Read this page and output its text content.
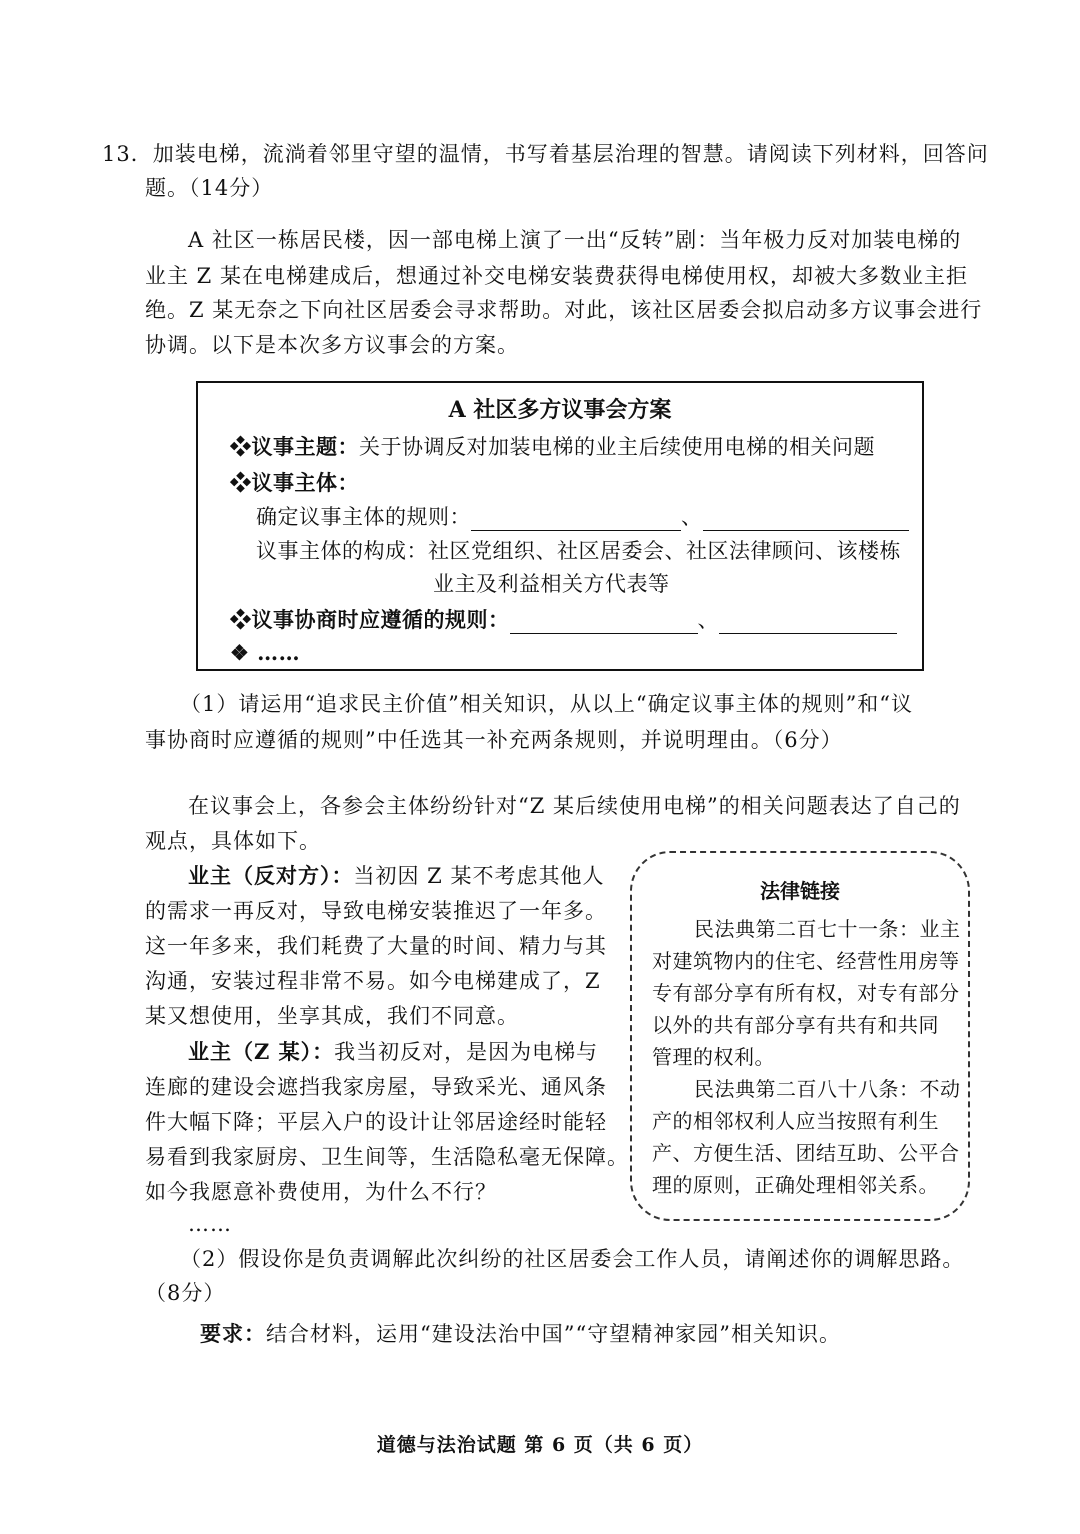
13．加装电梯，流淌着邻里守望的温情，书写着基层治理的智慧。请阅读下列材料，回答问
题。（14分）
A 社区一栋居民楼，因一部电梯上演了一出“反转”剧：当年极力反对加装电梯的
业主 Z 某在电梯建成后，想通过补交电梯安装费获得电梯使用权，却被大多数业主拒
绝。Z 某无奈之下向社区居委会寻求帮助。对此，该社区居委会拟启动多方议事会进行
协调。以下是本次多方议事会的方案。
A 社区多方议事会方案
❖议事主题：关于协调反对加装电梯的业主后续使用电梯的相关问题
❖议事主体：
确定议事主体的规则：	、
议事主体的构成：社区党组织、社区居委会、社区法律顾问、该楼栋
业主及利益相关方代表等
❖议事协商时应遵循的规则：	、
❖ ……
（1）请运用“追求民主价值”相关知识，从以上“确定议事主体的规则”和“议
事协商时应遵循的规则”中任选其一补充两条规则，并说明理由。（6分）
在议事会上，各参会主体纷纷针对“Z 某后续使用电梯”的相关问题表达了自己的
观点，具体如下。
业主（反对方）：当初因 Z 某不考虑其他人
的需求一再反对，导致电梯安装推迟了一年多。
这一年多来，我们耗费了大量的时间、精力与其
沟通，安装过程非常不易。如今电梯建成了，Z
某又想使用，坐享其成，我们不同意。
业主（Z 某）：我当初反对，是因为电梯与
连廊的建设会遮挡我家房屋，导致采光、通风条
件大幅下降；平层入户的设计让邻居途经时能轻
易看到我家厨房、卫生间等，生活隐私毫无保障。
如今我愿意补费使用，为什么不行？
……
法律链接
民法典第二百七十一条：业主
对建筑物内的住宅、经营性用房等
专有部分享有所有权，对专有部分
以外的共有部分享有共有和共同
管理的权利。
民法典第二百八十八条：不动
产的相邻权利人应当按照有利生
产、方便生活、团结互助、公平合
理的原则，正确处理相邻关系。
（2）假设你是负责调解此次纠纷的社区居委会工作人员，请阐述你的调解思路。
（8分）
要求：结合材料，运用“建设法治中国”“守望精神家园”相关知识。
道德与法治试题 第 6 页（共 6 页）
